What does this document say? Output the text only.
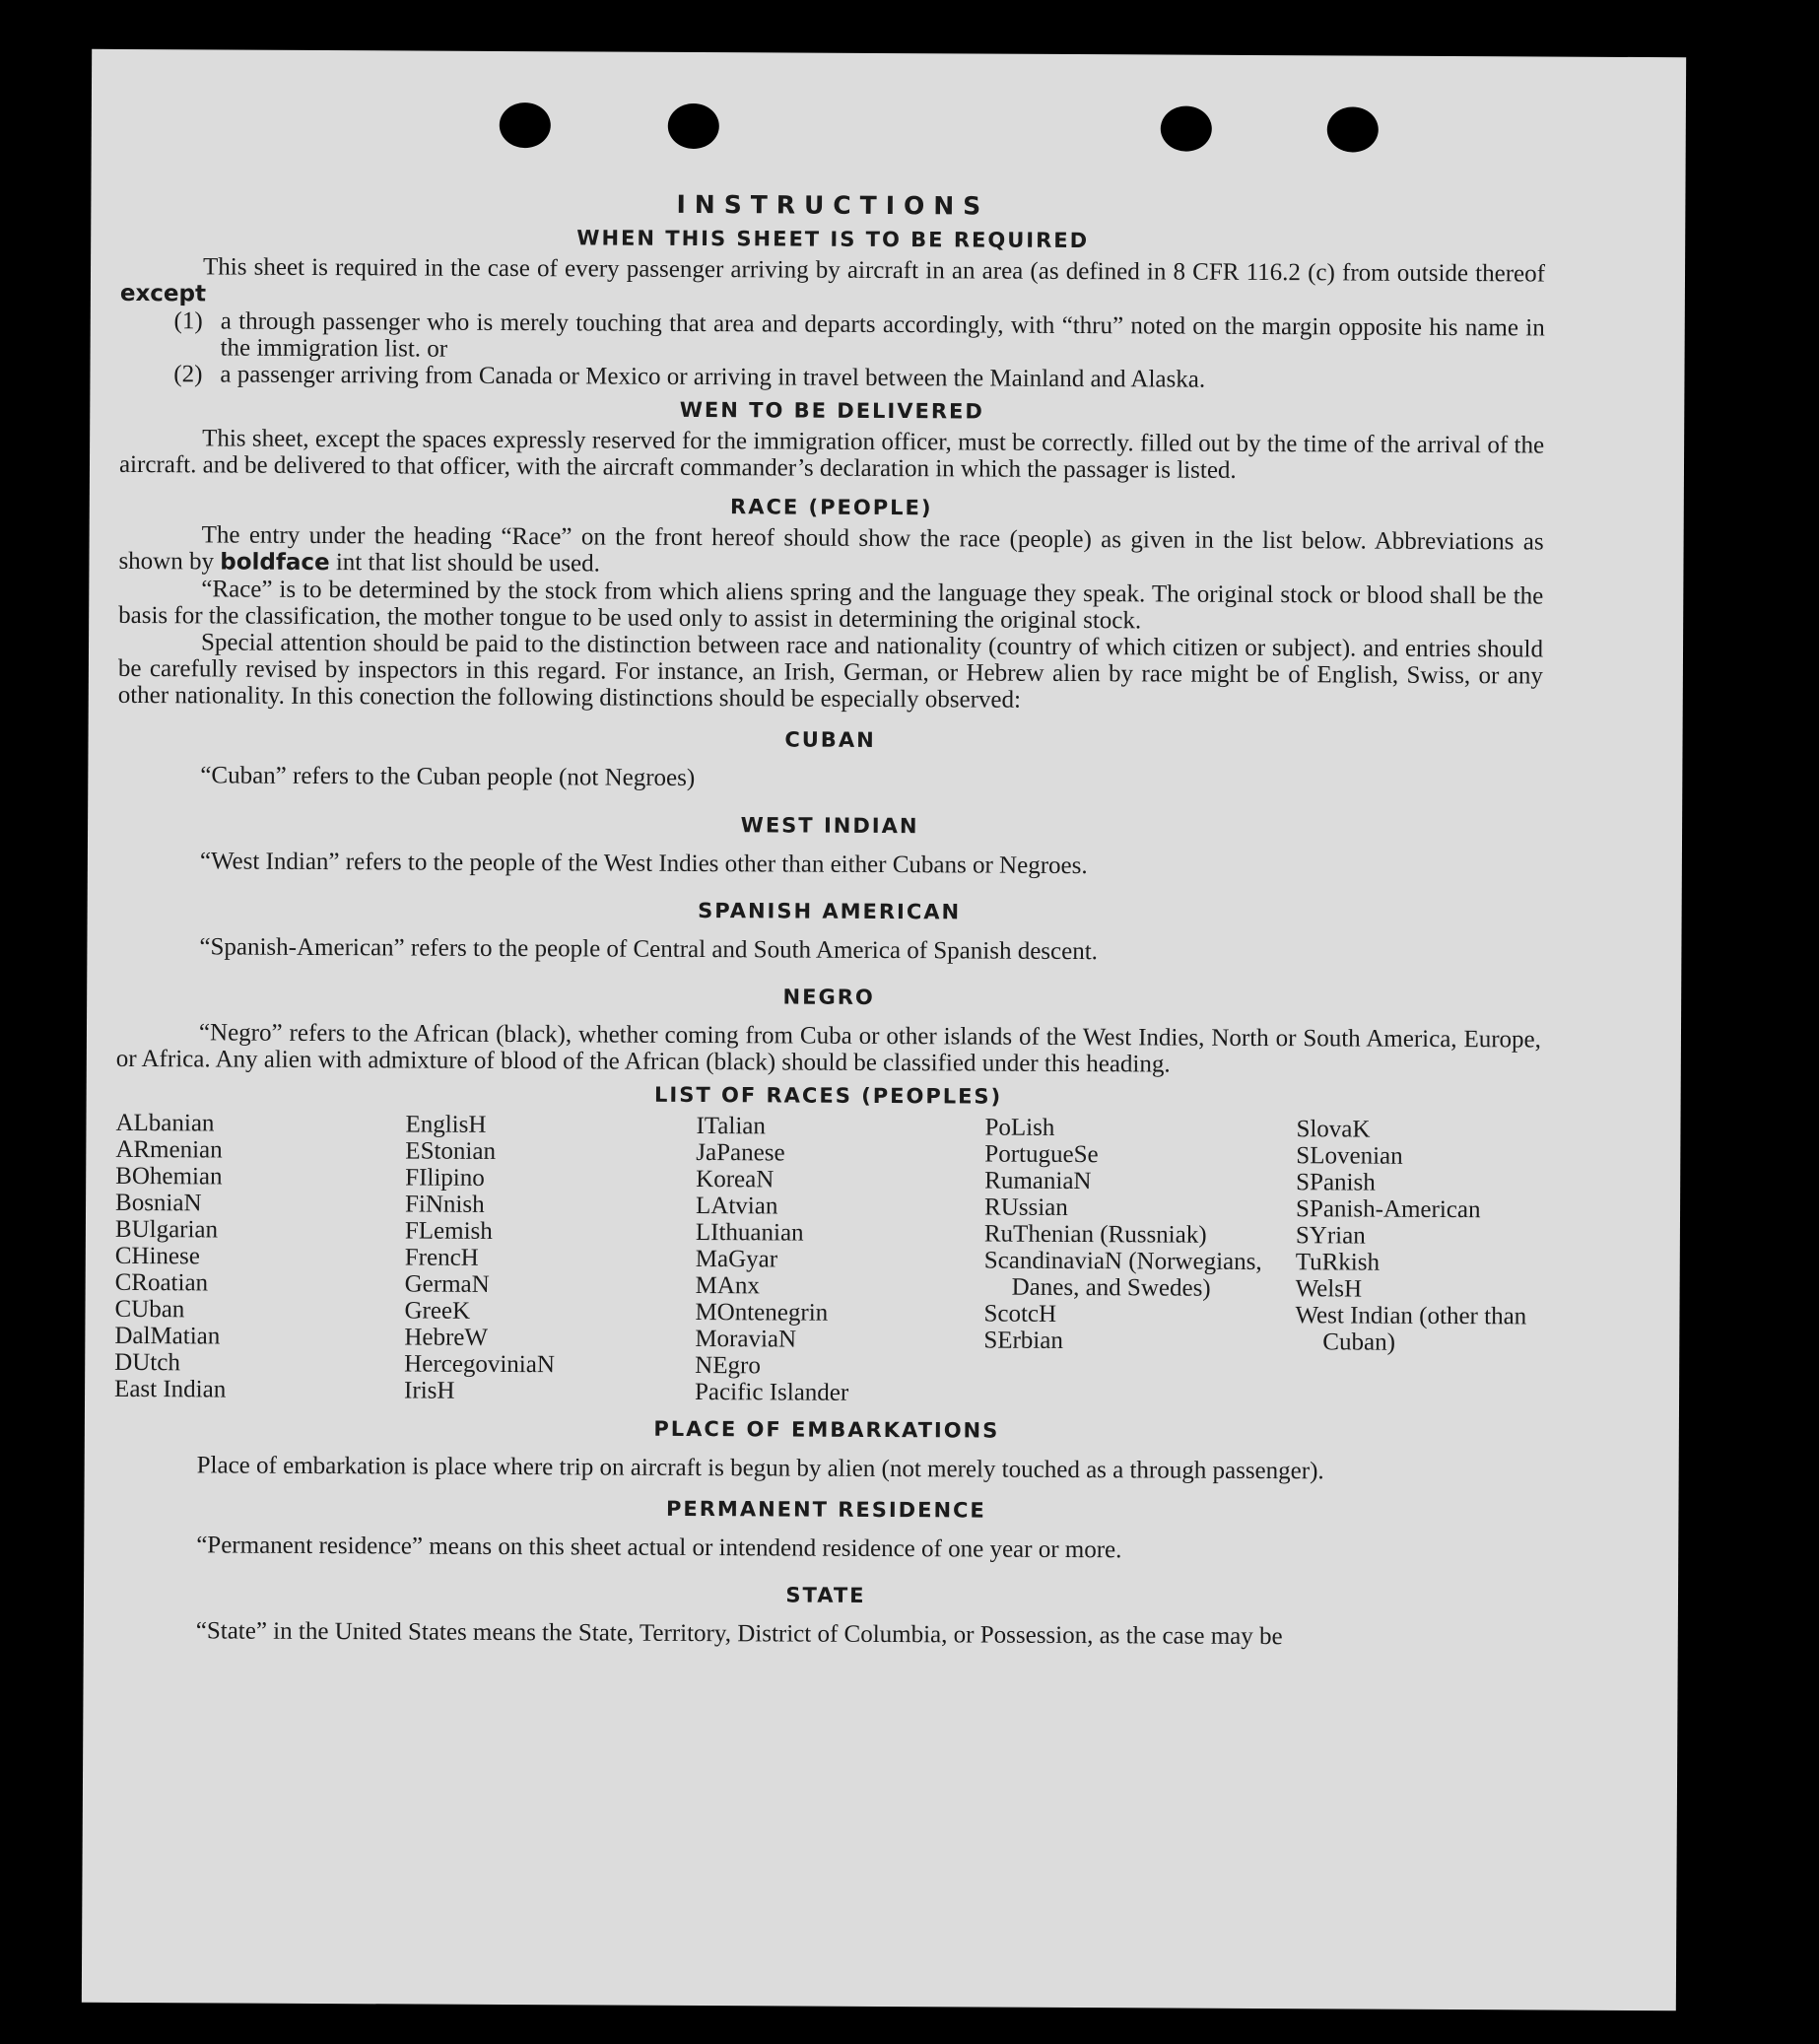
INSTRUCTIONS
WHEN THIS SHEET IS TO BE REQUIRED

This sheet is required in the case of every passenger arriving by aircraft in an area (as defined in 8 CFR 116.2 (c) from outside thereof except

(1) a through passenger who is merely touching that area and departs accordingly, with “thru” noted on the margin opposite his name in the immigration list. or
(2) a passenger arriving from Canada or Mexico or arriving in travel between the Mainland and Alaska.
WEN TO BE DELIVERED

This sheet, except the spaces expressly reserved for the immigration officer, must be correctly. filled out by the time of the arrival of the aircraft. and be delivered to that officer, with the aircraft commander’s declaration in which the passager is listed.

RACE (PEOPLE)

The entry under the heading “Race” on the front hereof should show the race (people) as given in the list below. Abbreviations as shown by boldface int that list should be used.

“Race” is to be determined by the stock from which aliens spring and the language they speak. The original stock or blood shall be the basis for the classification, the mother tongue to be used only to assist in determining the original stock.

Special attention should be paid to the distinction between race and nationality (country of which citizen or subject). and entries should be carefully revised by inspectors in this regard. For instance, an Irish, German, or Hebrew alien by race might be of English, Swiss, or any other nationality. In this conection the following distinctions should be especially observed:

CUBAN

“Cuban” refers to the Cuban people (not Negroes)

WEST INDIAN

“West Indian” refers to the people of the West Indies other than either Cubans or Negroes.

SPANISH AMERICAN

“Spanish-American” refers to the people of Central and South America of Spanish descent.

NEGRO

“Negro” refers to the African (black), whether coming from Cuba or other islands of the West Indies, North or South America, Europe, or Africa. Any alien with admixture of blood of the African (black) should be classified under this heading.

LIST OF RACES (PEOPLES)
ALbanian
ARmenian
BOhemian
BosniaN
BUlgarian
CHinese
CRoatian
CUban
DalMatian
DUtch
East Indian
EnglisH
EStonian
FIlipino
FiNnish
FLemish
FrencH
GermaN
GreeK
HebreW
HercegoviniaN
IrisH
ITalian
JaPanese
KoreaN
LAtvian
LIthuanian
MaGyar
MAnx
MOntenegrin
MoraviaN
NEgro
Pacific Islander
PoLish
PortugueSe
RumaniaN
RUssian
RuThenian (Russniak)
ScandinaviaN (Norwegians, Danes, and Swedes)
ScotcH
SErbian
SlovaK
SLovenian
SPanish
SPanish-American
SYrian
TuRkish
WelsH
West Indian (other than Cuban)
PLACE OF EMBARKATIONS

Place of embarkation is place where trip on aircraft is begun by alien (not merely touched as a through passenger).

PERMANENT RESIDENCE

“Permanent residence” means on this sheet actual or intendend residence of one year or more.

STATE

“State” in the United States means the State, Territory, District of Columbia, or Possession, as the case may be
